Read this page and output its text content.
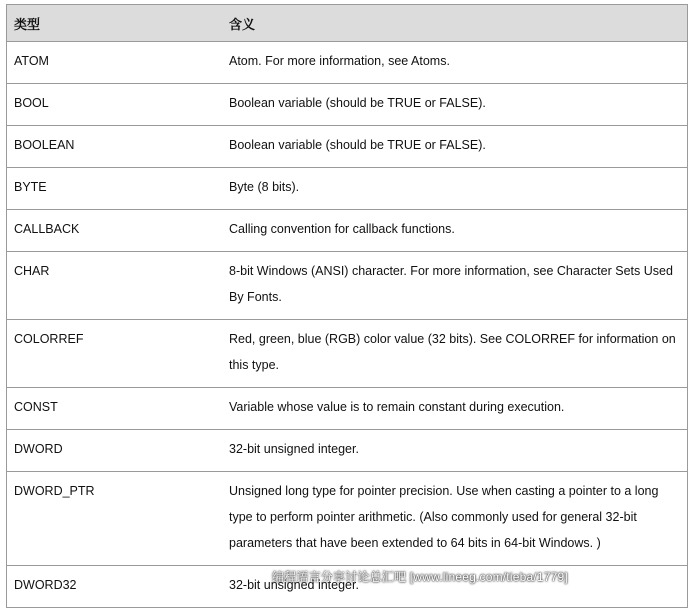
类型	含义
ATOM	Atom. For more information, see Atoms.
BOOL	Boolean variable (should be TRUE or FALSE).
BOOLEAN	Boolean variable (should be TRUE or FALSE).
BYTE	Byte (8 bits).
CALLBACK	Calling convention for callback functions.
CHAR	8-bit Windows (ANSI) character. For more information, see Character Sets Used By Fonts.
COLORREF	Red, green, blue (RGB) color value (32 bits). See COLORREF for information on this type.
CONST	Variable whose value is to remain constant during execution.
DWORD	32-bit unsigned integer.
DWORD_PTR	Unsigned long type for pointer precision. Use when casting a pointer to a long type to perform pointer arithmetic. (Also commonly used for general 32-bit parameters that have been extended to 64 bits in 64-bit Windows. )
DWORD32	32-bit unsigned integer.
编程语言分享讨论总汇吧 [www.lineeg.com/tieba/1779]
